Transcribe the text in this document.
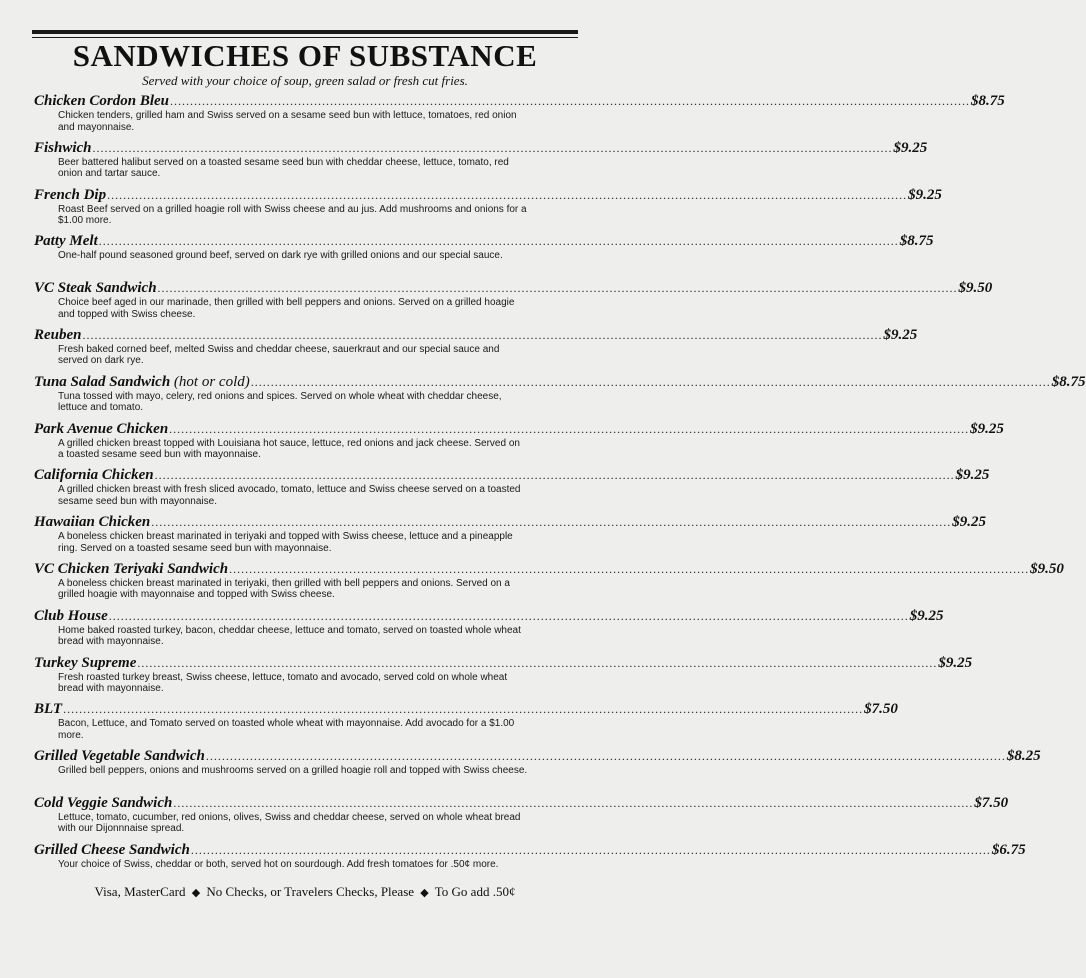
SANDWICHES OF SUBSTANCE

Served with your choice of soup, green salad or fresh cut fries.

Chicken Cordon Bleu ........................................................................................................................................................................................................ $8.75

Chicken tenders, grilled ham and Swiss served on a sesame seed bun with lettuce, tomatoes, red onion and mayonnaise.

Fishwich ........................................................................................................................................................................................................ $9.25

Beer battered halibut served on a toasted sesame seed bun with cheddar cheese, lettuce, tomato, red onion and tartar sauce.

French Dip ........................................................................................................................................................................................................ $9.25

Roast Beef served on a grilled hoagie roll with Swiss cheese and au jus. Add mushrooms and onions for a $1.00 more.

Patty Melt ........................................................................................................................................................................................................ $8.75

One-half pound seasoned ground beef, served on dark rye with grilled onions and our special sauce.

VC Steak Sandwich ........................................................................................................................................................................................................ $9.50

Choice beef aged in our marinade, then grilled with bell peppers and onions. Served on a grilled hoagie and topped with Swiss cheese.

Reuben ........................................................................................................................................................................................................ $9.25

Fresh baked corned beef, melted Swiss and cheddar cheese, sauerkraut and our special sauce and served on dark rye.

Tuna Salad Sandwich (hot or cold) ........................................................................................................................................................................................................ $8.75

Tuna tossed with mayo, celery, red onions and spices. Served on whole wheat with cheddar cheese, lettuce and tomato.

Park Avenue Chicken ........................................................................................................................................................................................................ $9.25

A grilled chicken breast topped with Louisiana hot sauce, lettuce, red onions and jack cheese. Served on a toasted sesame seed bun with mayonnaise.

California Chicken ........................................................................................................................................................................................................ $9.25

A grilled chicken breast with fresh sliced avocado, tomato, lettuce and Swiss cheese served on a toasted sesame seed bun with mayonnaise.

Hawaiian Chicken ........................................................................................................................................................................................................ $9.25

A boneless chicken breast marinated in teriyaki and topped with Swiss cheese, lettuce and a pineapple ring. Served on a toasted sesame seed bun with mayonnaise.

VC Chicken Teriyaki Sandwich ........................................................................................................................................................................................................ $9.50

A boneless chicken breast marinated in teriyaki, then grilled with bell peppers and onions. Served on a grilled hoagie with mayonnaise and topped with Swiss cheese.

Club House ........................................................................................................................................................................................................ $9.25

Home baked roasted turkey, bacon, cheddar cheese, lettuce and tomato, served on toasted whole wheat bread with mayonnaise.

Turkey Supreme ........................................................................................................................................................................................................ $9.25

Fresh roasted turkey breast, Swiss cheese, lettuce, tomato and avocado, served cold on whole wheat bread with mayonnaise.

BLT ........................................................................................................................................................................................................ $7.50

Bacon, Lettuce, and Tomato served on toasted whole wheat with mayonnaise. Add avocado for a $1.00 more.

Grilled Vegetable Sandwich ........................................................................................................................................................................................................ $8.25

Grilled bell peppers, onions and mushrooms served on a grilled hoagie roll and topped with Swiss cheese.

Cold Veggie Sandwich ........................................................................................................................................................................................................ $7.50

Lettuce, tomato, cucumber, red onions, olives, Swiss and cheddar cheese, served on whole wheat bread with our Dijonnnaise spread.

Grilled Cheese Sandwich ........................................................................................................................................................................................................ $6.75

Your choice of Swiss, cheddar or both, served hot on sourdough. Add fresh tomatoes for .50¢ more.

Visa, MasterCard ◆ No Checks, or Travelers Checks, Please ◆ To Go add .50¢
